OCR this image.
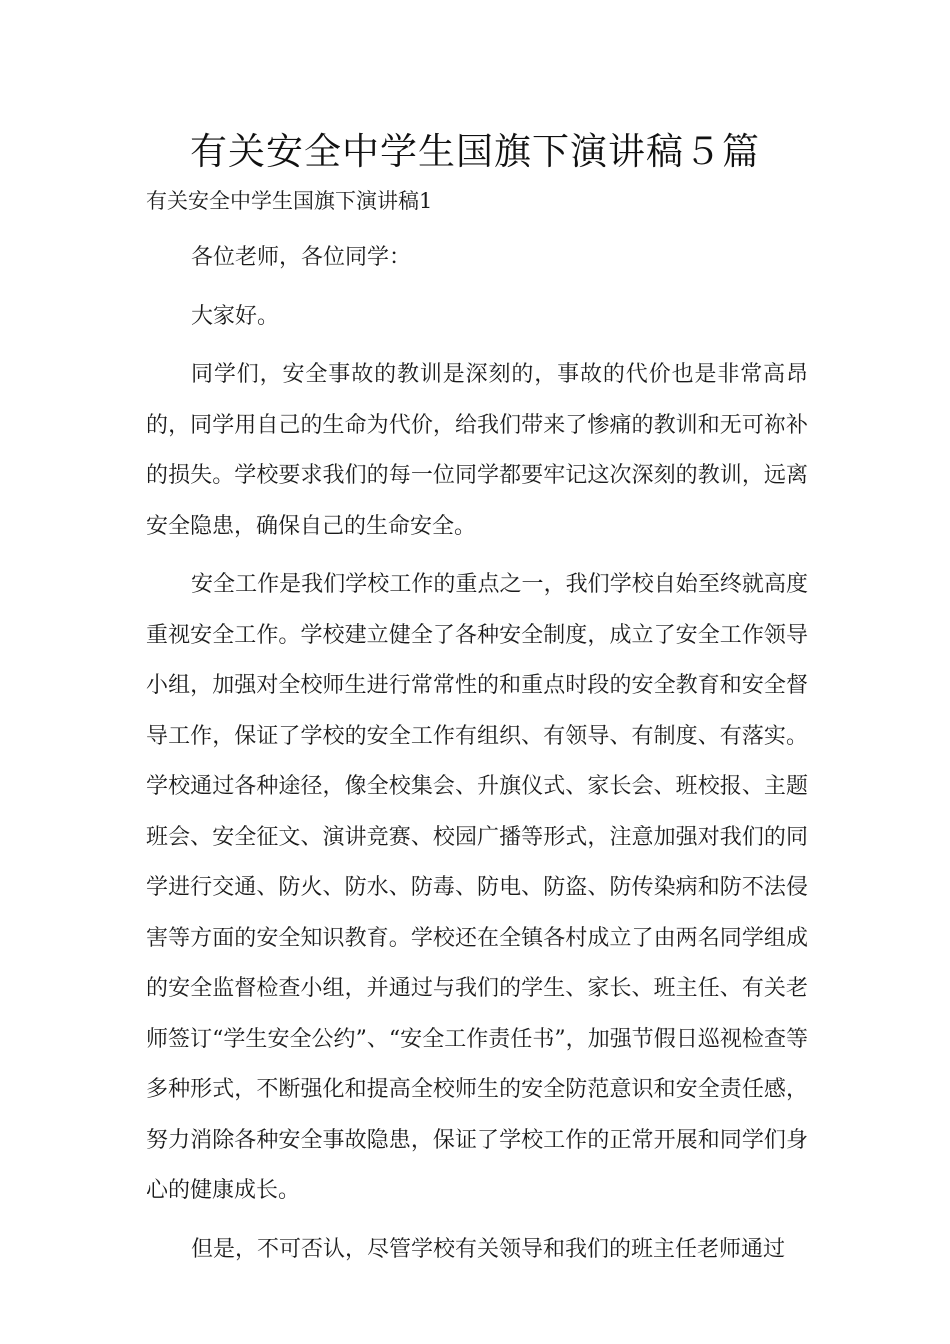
有关安全中学生国旗下演讲稿５篇

有关安全中学生国旗下演讲稿1

各位老师，各位同学：

大家好。

同学们，安全事故的教训是深刻的，事故的代价也是非常高昂的，同学用自己的生命为代价，给我们带来了惨痛的教训和无可祢补的损失。学校要求我们的每一位同学都要牢记这次深刻的教训，远离安全隐患，确保自己的生命安全。

安全工作是我们学校工作的重点之一，我们学校自始至终就高度重视安全工作。学校建立健全了各种安全制度，成立了安全工作领导小组，加强对全校师生进行常常性的和重点时段的安全教育和安全督导工作，保证了学校的安全工作有组织、有领导、有制度、有落实。学校通过各种途径，像全校集会、升旗仪式、家长会、班校报、主题班会、安全征文、演讲竞赛、校园广播等形式，注意加强对我们的同学进行交通、防火、防水、防毒、防电、防盗、防传染病和防不法侵害等方面的安全知识教育。学校还在全镇各村成立了由两名同学组成的安全监督检查小组，并通过与我们的学生、家长、班主任、有关老师签订“学生安全公约”、“安全工作责任书”，加强节假日巡视检查等多种形式，不断强化和提高全校师生的安全防范意识和安全责任感，努力消除各种安全事故隐患，保证了学校工作的正常开展和同学们身心的健康成长。

但是，不可否认，尽管学校有关领导和我们的班主任老师通过
